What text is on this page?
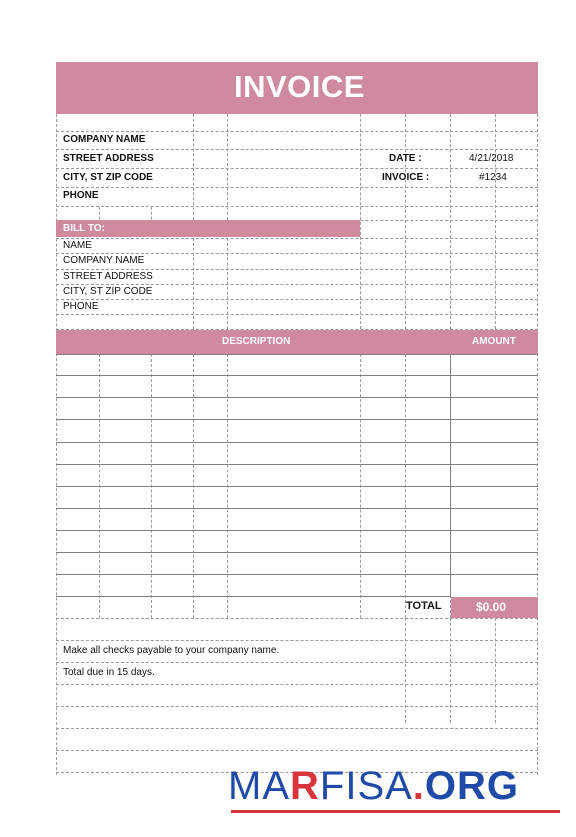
INVOICE
COMPANY NAME
STREET ADDRESS
CITY, ST ZIP CODE
PHONE
DATE :	4/21/2018
INVOICE :	#1234
BILL TO:
NAME
COMPANY NAME
STREET ADDRESS
CITY, ST ZIP CODE
PHONE
DESCRIPTION	AMOUNT
TOTAL	$0.00
Make all checks payable to your company name.
Total due in 15 days.
MARFISA.ORG
